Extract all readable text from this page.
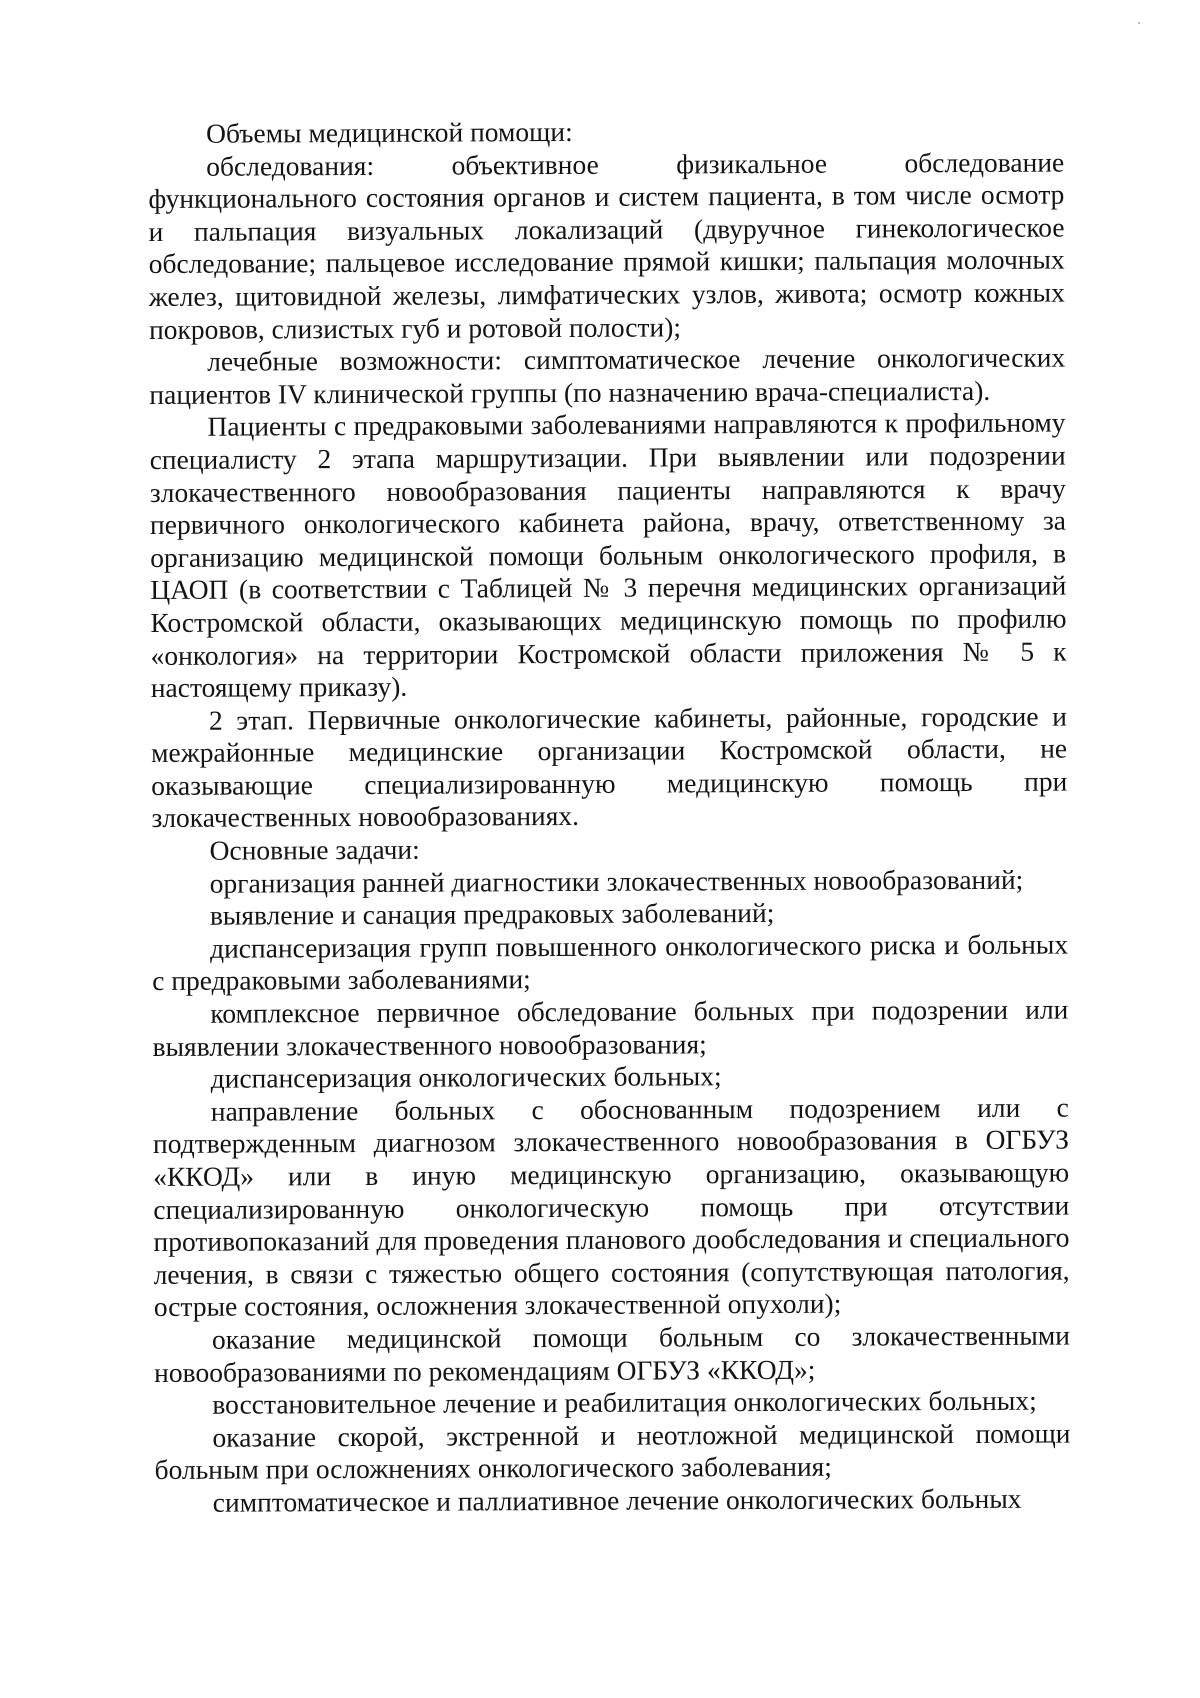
Объемы медицинской помощи:

обследования: объективное физикальное обследование функционального состояния органов и систем пациента, в том числе осмотр и пальпация визуальных локализаций (двуручное гинекологическое обследование; пальцевое исследование прямой кишки; пальпация молочных желез, щитовидной железы, лимфатических узлов, живота; осмотр кожных покровов, слизистых губ и ротовой полости);

лечебные возможности: симптоматическое лечение онкологических пациентов IV клинической группы (по назначению врача-специалиста).

Пациенты с предраковыми заболеваниями направляются к профильному специалисту 2 этапа маршрутизации. При выявлении или подозрении злокачественного новообразования пациенты направляются к врачу первичного онкологического кабинета района, врачу, ответственному за организацию медицинской помощи больным онкологического профиля, в ЦАОП (в соответствии с Таблицей № 3 перечня медицинских организаций Костромской области, оказывающих медицинскую помощь по профилю «онкология» на территории Костромской области приложения № 5 к настоящему приказу).

2 этап. Первичные онкологические кабинеты, районные, городские и межрайонные медицинские организации Костромской области, не оказывающие специализированную медицинскую помощь при злокачественных новообразованиях.

Основные задачи:

организация ранней диагностики злокачественных новообразований;

выявление и санация предраковых заболеваний;

диспансеризация групп повышенного онкологического риска и больных с предраковыми заболеваниями;

комплексное первичное обследование больных при подозрении или выявлении злокачественного новообразования;

диспансеризация онкологических больных;

направление больных с обоснованным подозрением или с подтвержденным диагнозом злокачественного новообразования в ОГБУЗ «ККОД» или в иную медицинскую организацию, оказывающую специализированную онкологическую помощь при отсутствии противопоказаний для проведения планового дообследования и специального лечения, в связи с тяжестью общего состояния (сопутствующая патология, острые состояния, осложнения злокачественной опухоли);

оказание медицинской помощи больным со злокачественными новообразованиями по рекомендациям ОГБУЗ «ККОД»;

восстановительное лечение и реабилитация онкологических больных;

оказание скорой, экстренной и неотложной медицинской помощи больным при осложнениях онкологического заболевания;

симптоматическое и паллиативное лечение онкологических больных
